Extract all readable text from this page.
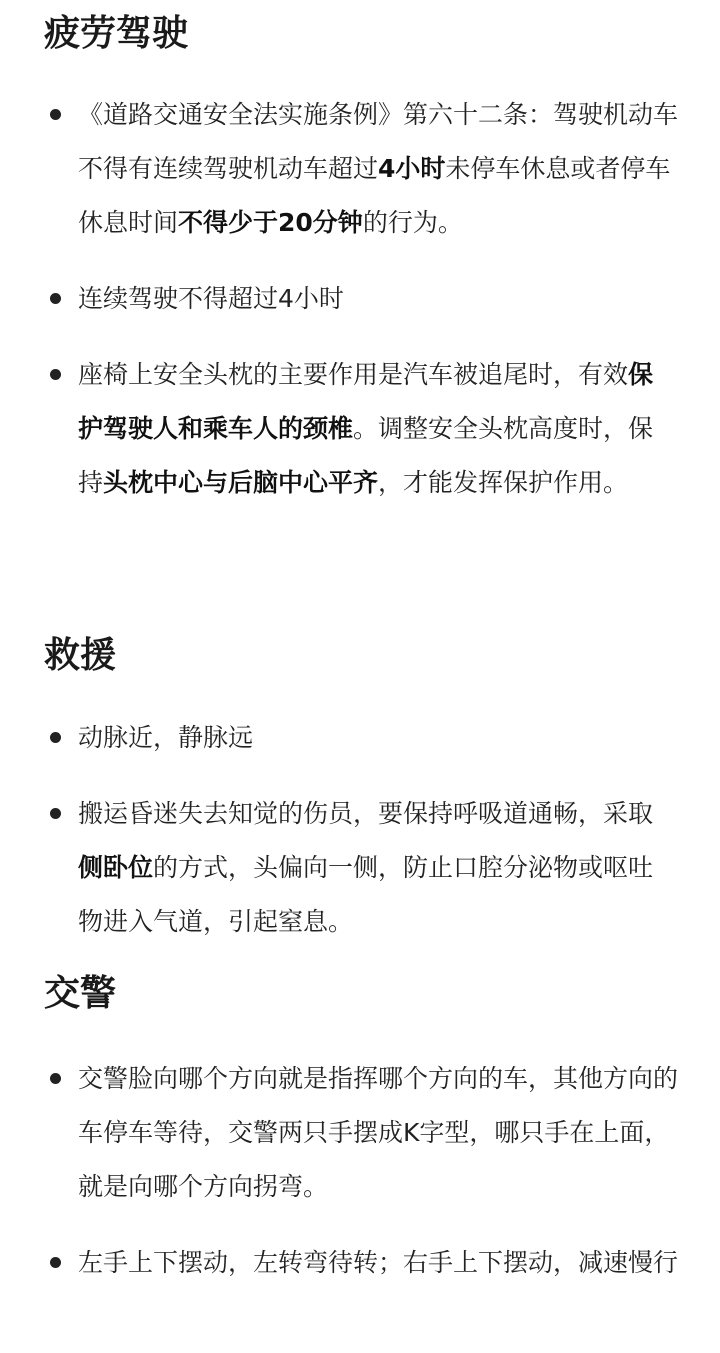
疲劳驾驶
《道路交通安全法实施条例》第六十二条：驾驶机动车不得有连续驾驶机动车超过4小时未停车休息或者停车休息时间不得少于20分钟的行为。
连续驾驶不得超过4小时
座椅上安全头枕的主要作用是汽车被追尾时，有效保护驾驶人和乘车人的颈椎。调整安全头枕高度时，保持头枕中心与后脑中心平齐，才能发挥保护作用。
救援
动脉近，静脉远
搬运昏迷失去知觉的伤员，要保持呼吸道通畅，采取侧卧位的方式，头偏向一侧，防止口腔分泌物或呕吐物进入气道，引起窒息。
交警
交警脸向哪个方向就是指挥哪个方向的车，其他方向的车停车等待，交警两只手摆成K字型，哪只手在上面，就是向哪个方向拐弯。
左手上下摆动，左转弯待转；右手上下摆动，减速慢行
